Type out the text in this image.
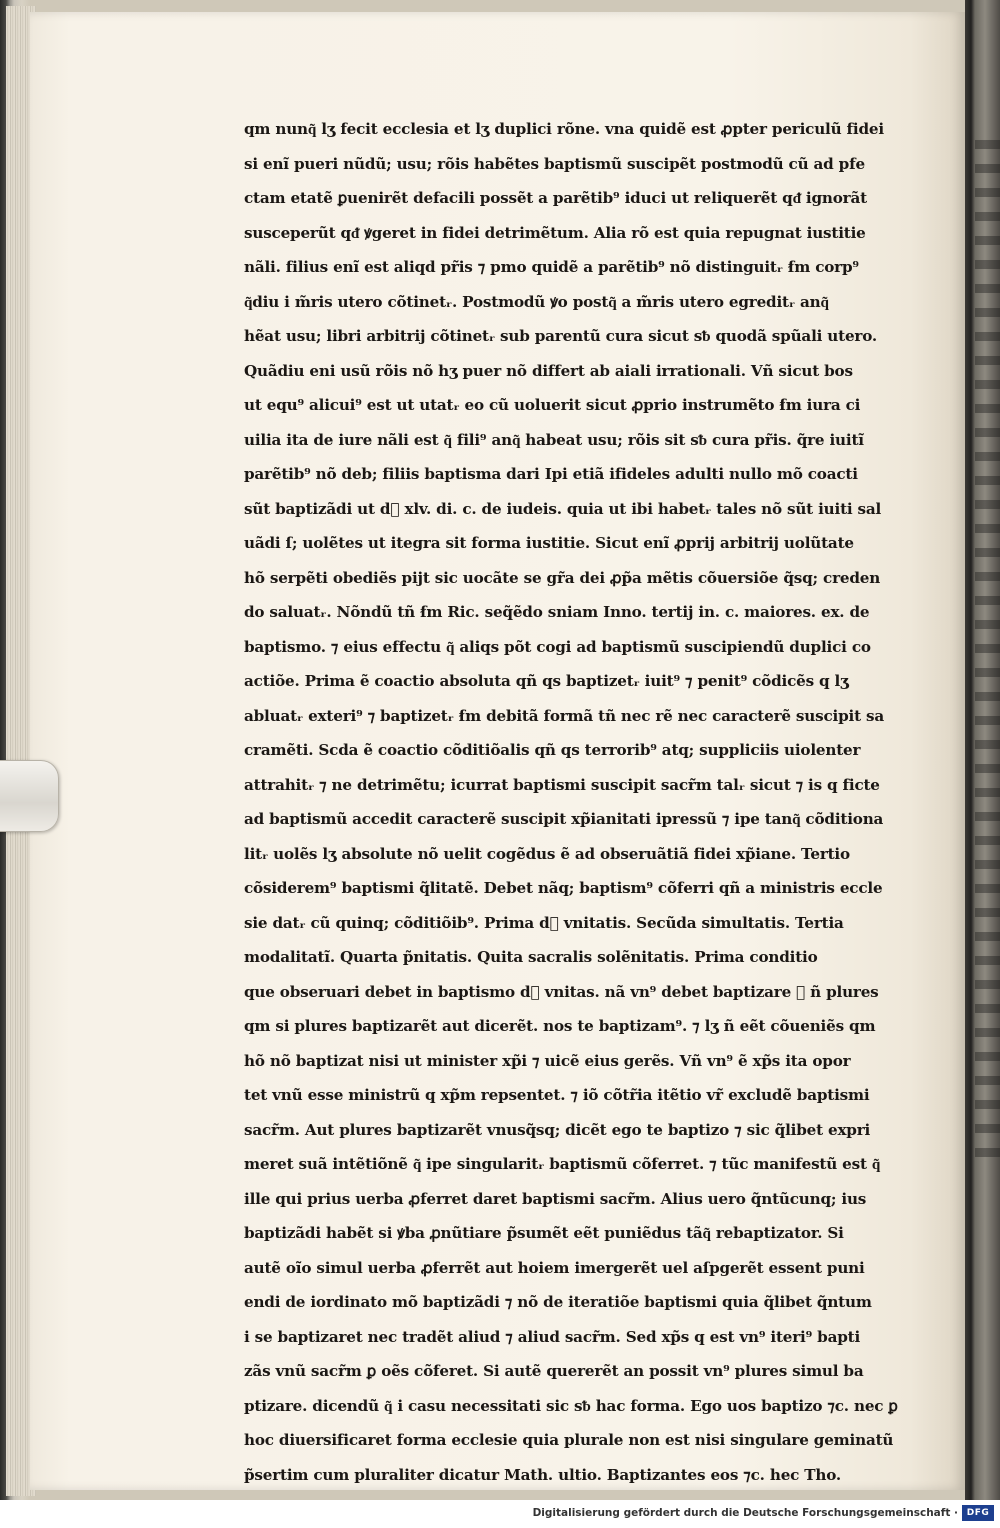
qm nunq͂ lʒ fecit ecclesia et lʒ duplici rõne. vna quidẽ est ꝓpter periculũ fidei
si enĩ pueri nũdũ; usu; rõis habẽtes baptismũ suscipẽt postmodũ cũ ad pfe
ctam etatẽ ꝑuenirẽt defacili possẽt a parẽtib⁹ iduci ut reliquerẽt qᵭ ignorãt
susceperũt qᵭ ꝟgeret in fidei detrimẽtum. Alia rõ est quia repugnat iustitie
nãli. filius enĩ est aliqd pr̃is ⁊ pmo quidẽ a parẽtib⁹ nõ distinguitᵣ ẜm corp⁹
q͂diu i m̃ris utero cõtinetᵣ. Postmodũ ꝟo postq͂ a m̃ris utero egreditᵣ anq͂
hẽat usu; libri arbitrij cõtinetᵣ sub parentũ cura sicut sᵬ quodã spũali utero.
Quãdiu eni usũ rõis nõ hʒ puer nõ differt ab aiali irrationali. Vñ sicut bos
ut equ⁹ alicui⁹ est ut utatᵣ eo cũ uoluerit sicut ꝓprio instrumẽto ẜm iura ci
uilia ita de iure nãli est q͂ fili⁹ anq͂ habeat usu; rõis sit sᵬ cura pr̃is. q̃re iuitĩ
parẽtib⁹ nõ deb; filiis baptisma dari Ipi etiã ifideles adulti nullo mõ coacti
sũt baptizãdi ut dᷓ xlv. di. c. de iudeis. quia ut ibi habetᵣ tales nõ sũt iuiti sal
uãdi ſ; uolẽtes ut itegra sit forma iustitie. Sicut enĩ ꝓprij arbitrij uolũtate
hõ serpẽti obediẽs pijt sic uocãte se gr̃a dei ꝓp̃a mẽtis cõuersiõe q̃sq; creden
do saluatᵣ. Nõndũ tñ ẜm Ric. seq̃ẽdo sniam Inno. tertij in. c. maiores. ex. de
baptismo. ⁊ eius effectu q͂ aliqs põt cogi ad baptismũ suscipiendũ duplici co
actiõe. Prima ẽ coactio absoluta qñ qs baptizetᵣ iuit⁹ ⁊ penit⁹ cõdicẽs q lʒ
abluatᵣ exteri⁹ ⁊ baptizetᵣ ẜm debitã formã tñ nec rẽ nec caracterẽ suscipit sa
cramẽti. Scda ẽ coactio cõditiõalis qñ qs terrorib⁹ atq; suppliciis uiolenter
attrahitᵣ ⁊ ne detrimẽtu; icurrat baptismi suscipit sacr̃m talᵣ sicut ⁊ is q ficte
ad baptismũ accedit caracterẽ suscipit xp̃ianitati ipressũ ⁊ ipe tanq͂ cõditiona
litᵣ uolẽs lʒ absolute nõ uelit cogẽdus ẽ ad obseruãtiã fidei xp̃iane. Tertio
cõsiderem⁹ baptismi q̃litatẽ. Debet nãq; baptism⁹ cõferri qñ a ministris eccle
sie datᵣ cũ quinq; cõditiõib⁹. Prima dᷓ vnitatis. Secũda simultatis. Tertia
modalitatĩ. Quarta p̃nitatis. Quita sacralis solẽnitatis. Prima conditio
que obseruari debet in baptismo dᷓ vnitas. nã vn⁹ debet baptizare ⁊ ñ plures
qm si plures baptizarẽt aut dicerẽt. nos te baptizam⁹. ⁊ lʒ ñ eẽt cõueniẽs qm
hõ nõ baptizat nisi ut minister xp̃i ⁊ uicẽ eius gerẽs. Vñ vn⁹ ẽ xp̃s ita opor
tet vnũ esse ministrũ q xp̃m repsentet. ⁊ iõ cõtr̃ia itẽtio vr̃ excludẽ baptismi
sacr̃m. Aut plures baptizarẽt vnusq̃sq; dicẽt ego te baptizo ⁊ sic q̃libet expri
meret suã intẽtiõnẽ q͂ ipe singularitᵣ baptismũ cõferret. ⁊ tũc manifestũ est q͂
ille qui prius uerba ꝓferret daret baptismi sacr̃m. Alius uero q̃ntũcunq; ius
baptizãdi habẽt si ꝟba ꝓnũtiare p̃sumẽt eẽt puniẽdus tãq͂ rebaptizator. Si
autẽ oĩo simul uerba ꝓferrẽt aut hoiem imergerẽt uel aſpgerẽt essent puni
endi de iordinato mõ baptizãdi ⁊ nõ de iteratiõe baptismi quia q̃libet q̃ntum
i se baptizaret nec tradẽt aliud ⁊ aliud sacr̃m. Sed xp̃s q est vn⁹ iteri⁹ bapti
zãs vnũ sacr̃m ꝑ oẽs cõferet. Si autẽ quererẽt an possit vn⁹ plures simul ba
ptizare. dicendũ q͂ i casu necessitati sic sᵬ hac forma. Ego uos baptizo ⁊c. nec ꝑ
hoc diuersificaret forma ecclesie quia plurale non est nisi singulare geminatũ
p̃sertim cum pluraliter dicatur Math. ultio. Baptizantes eos ⁊c. hec Tho.
Digitalisierung gefördert durch die Deutsche Forschungsgemeinschaft · DFG
